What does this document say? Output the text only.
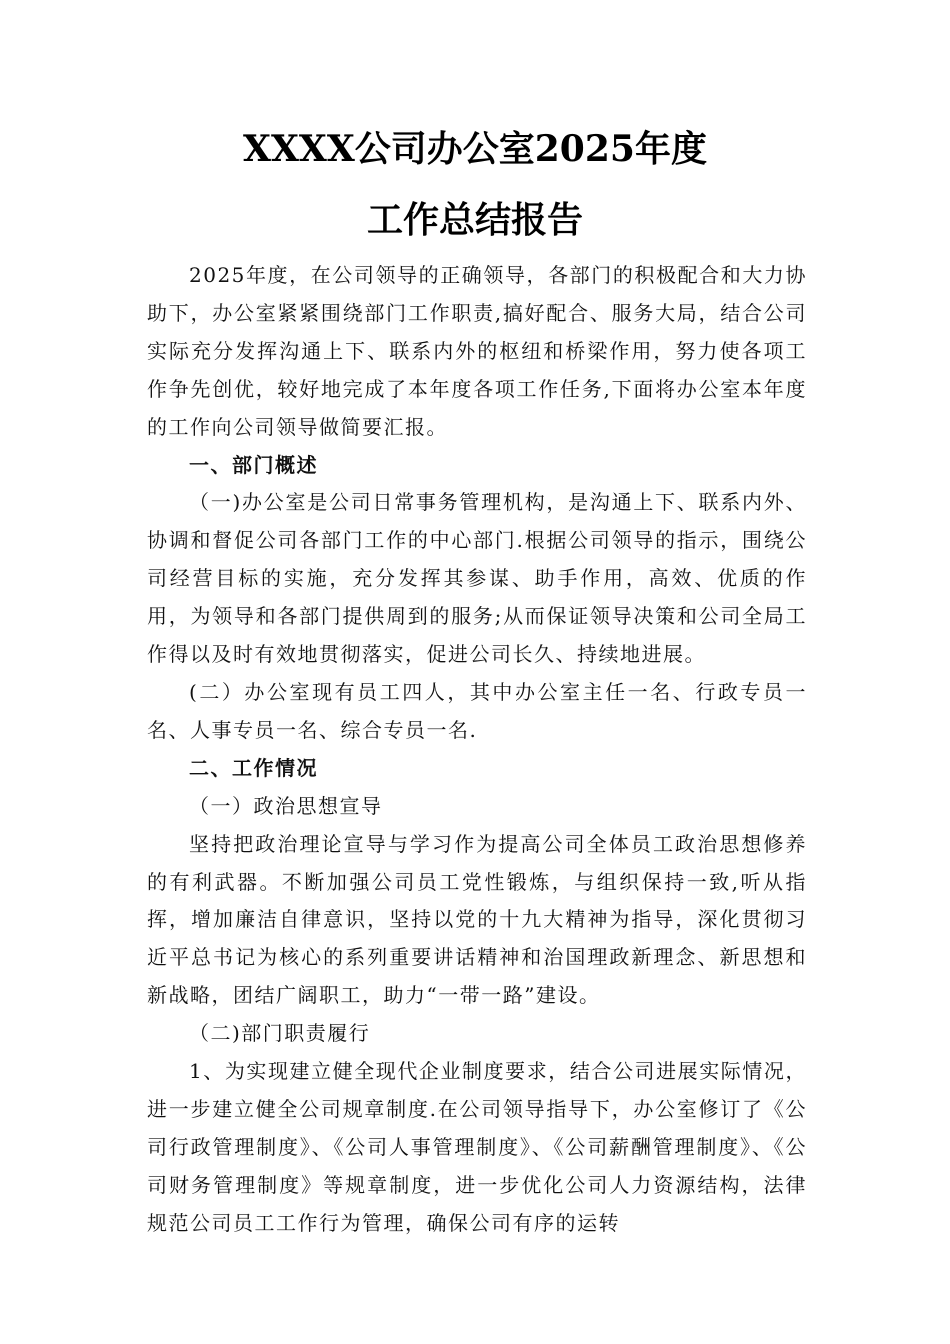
XXXX公司办公室2025年度
工作总结报告

2025年度，在公司领导的正确领导，各部门的积极配合和大力协助下，办公室紧紧围绕部门工作职责,搞好配合、服务大局，结合公司实际充分发挥沟通上下、联系内外的枢纽和桥梁作用，努力使各项工作争先创优，较好地完成了本年度各项工作任务,下面将办公室本年度的工作向公司领导做简要汇报。

一、部门概述

（一)办公室是公司日常事务管理机构，是沟通上下、联系内外、协调和督促公司各部门工作的中心部门.根据公司领导的指示，围绕公司经营目标的实施，充分发挥其参谋、助手作用，高效、优质的作用，为领导和各部门提供周到的服务;从而保证领导决策和公司全局工作得以及时有效地贯彻落实，促进公司长久、持续地进展。

(二）办公室现有员工四人，其中办公室主任一名、行政专员一名、人事专员一名、综合专员一名.

二、工作情况

（一）政治思想宣导

坚持把政治理论宣导与学习作为提高公司全体员工政治思想修养的有利武器。不断加强公司员工党性锻炼，与组织保持一致,听从指挥，增加廉洁自律意识，坚持以党的十九大精神为指导，深化贯彻习近平总书记为核心的系列重要讲话精神和治国理政新理念、新思想和新战略，团结广阔职工，助力“一带一路”建设。

（二)部门职责履行

1、为实现建立健全现代企业制度要求，结合公司进展实际情况，进一步建立健全公司规章制度.在公司领导指导下，办公室修订了《公司行政管理制度》、《公司人事管理制度》、《公司薪酬管理制度》、《公司财务管理制度》等规章制度，进一步优化公司人力资源结构，法律规范公司员工工作行为管理，确保公司有序的运转
